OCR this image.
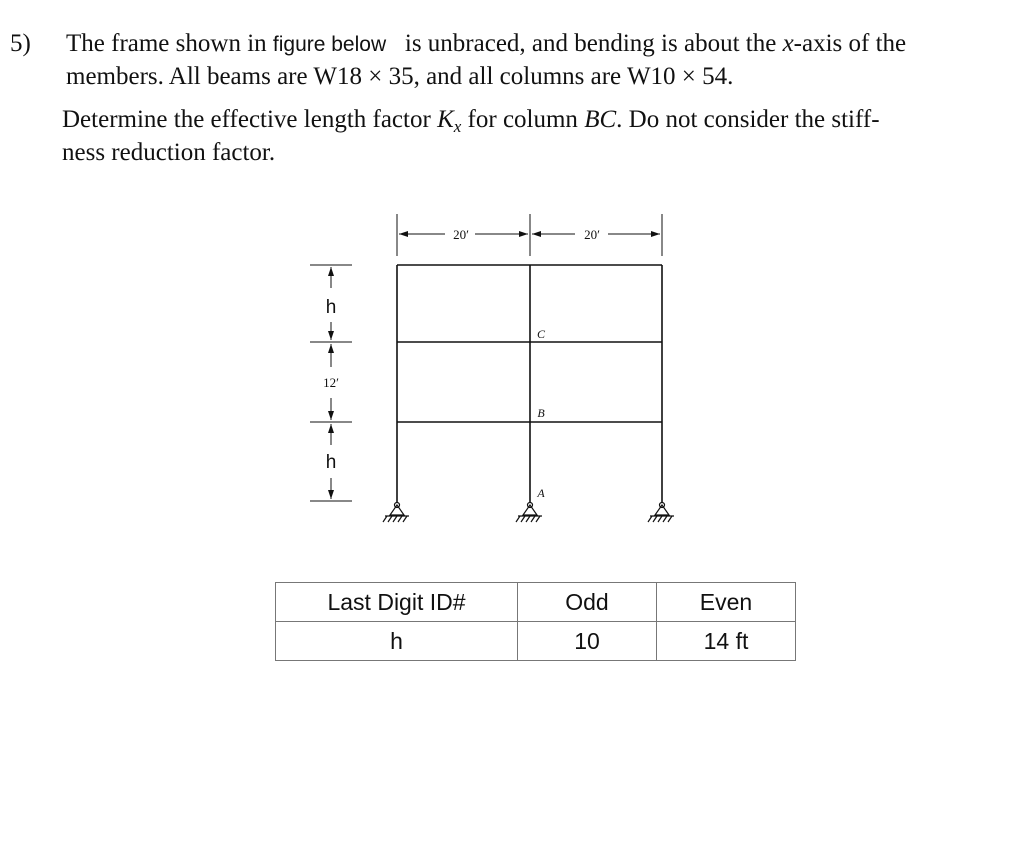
5) The frame shown in figure below is unbraced, and bending is about the x-axis of the
members. All beams are W18 × 35, and all columns are W10 × 54.
Determine the effective length factor $K_x$ for column BC. Do not consider the stiff-
ness reduction factor.
20′	20′
h
12′
h
C
B
A
Last Digit ID#	Odd	Even
h	10	14 ft
